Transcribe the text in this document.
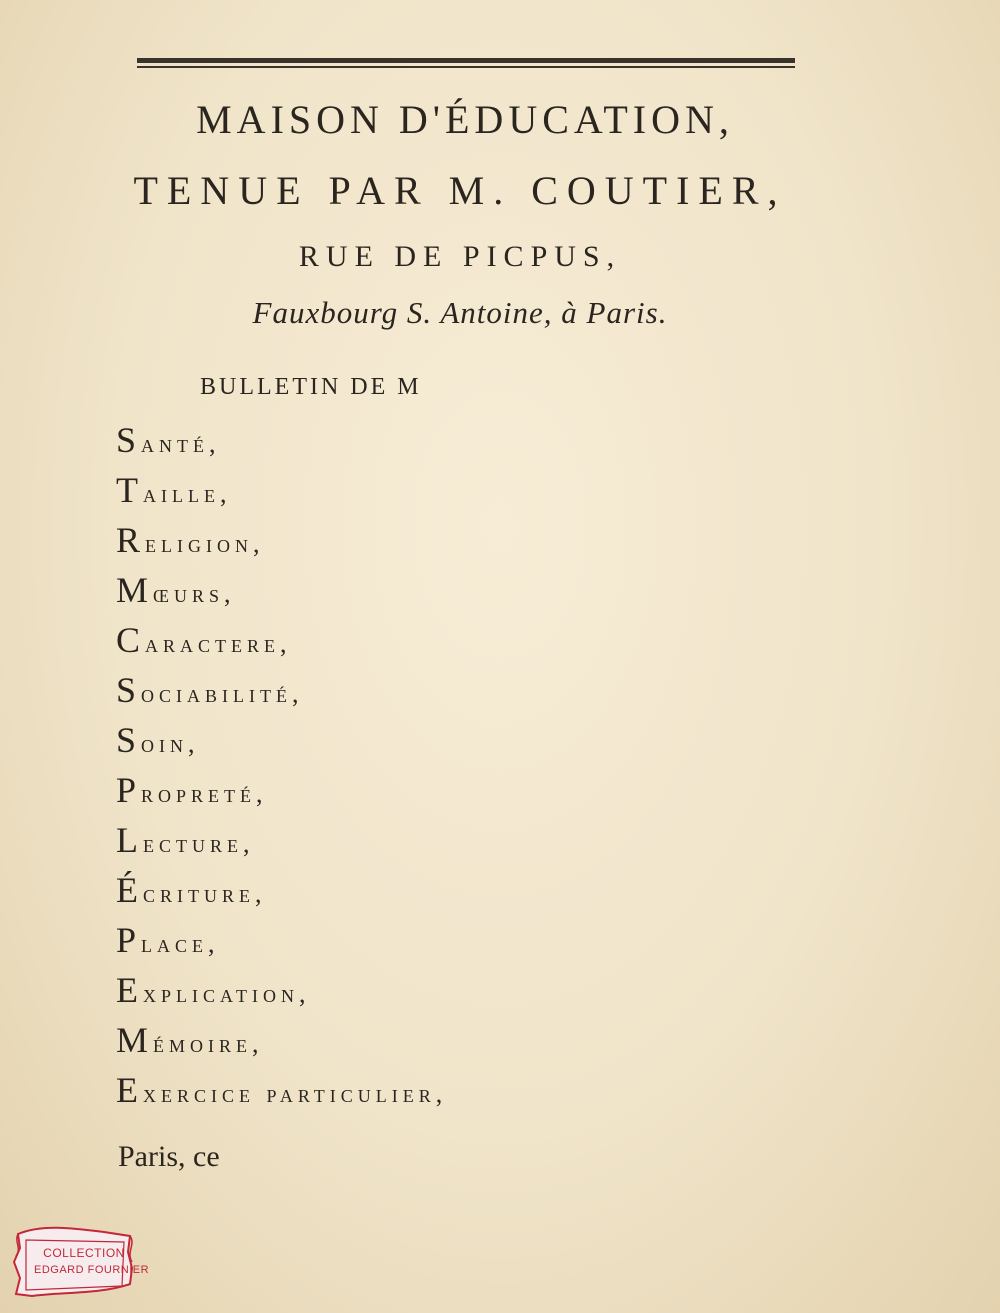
MAISON D'ÉDUCATION,
TENUE PAR M. COUTIER,
RUE DE PICPUS,
Fauxbourg S. Antoine, à Paris.
BULLETIN DE M
Santé,
Taille,
Religion,
Mœurs,
Caractere,
Sociabilité,
Soin,
Propreté,
Lecture,
Écriture,
Place,
Explication,
Mémoire,
Exercice particulier,
Paris, ce
COLLECTION
EDGARD FOURNIER
